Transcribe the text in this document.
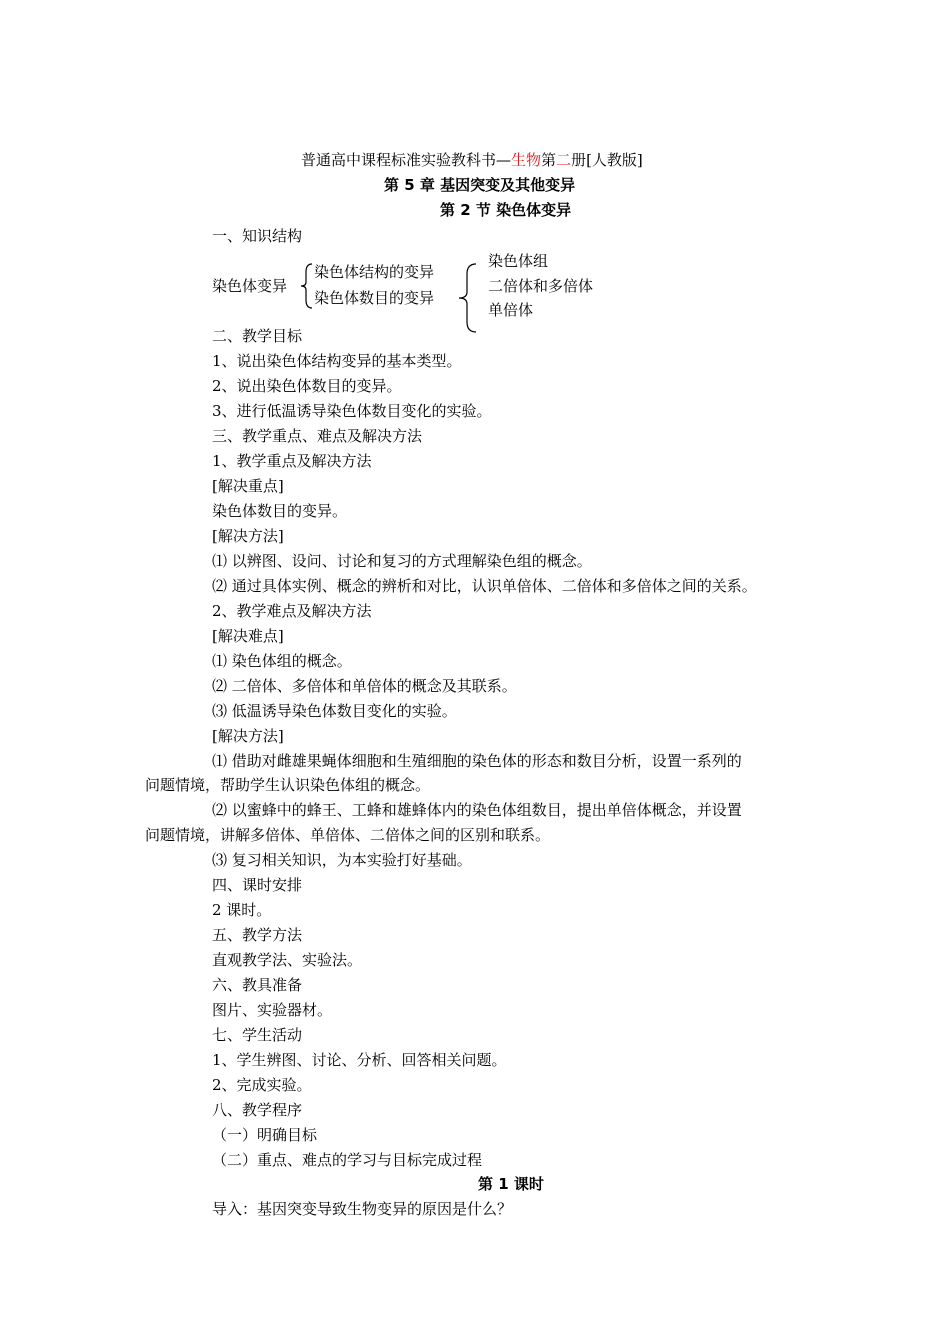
普通高中课程标准实验教科书—生物第二册[人教版]
第 5 章 基因突变及其他变异
第 2 节 染色体变异
一、知识结构
染色体变异
染色体结构的变异
染色体数目的变异
染色体组
二倍体和多倍体
单倍体
二、教学目标
1、说出染色体结构变异的基本类型。
2、说出染色体数目的变异。
3、进行低温诱导染色体数目变化的实验。
三、教学重点、难点及解决方法
1、教学重点及解决方法
[解决重点]
染色体数目的变异。
[解决方法]
⑴ 以辨图、设问、讨论和复习的方式理解染色组的概念。
⑵ 通过具体实例、概念的辨析和对比，认识单倍体、二倍体和多倍体之间的关系。
2、教学难点及解决方法
[解决难点]
⑴ 染色体组的概念。
⑵ 二倍体、多倍体和单倍体的概念及其联系。
⑶ 低温诱导染色体数目变化的实验。
[解决方法]
⑴ 借助对雌雄果蝇体细胞和生殖细胞的染色体的形态和数目分析，设置一系列的
问题情境，帮助学生认识染色体组的概念。
⑵ 以蜜蜂中的蜂王、工蜂和雄蜂体内的染色体组数目，提出单倍体概念，并设置
问题情境，讲解多倍体、单倍体、二倍体之间的区别和联系。
⑶ 复习相关知识，为本实验打好基础。
四、课时安排
2 课时。
五、教学方法
直观教学法、实验法。
六、教具准备
图片、实验器材。
七、学生活动
1、学生辨图、讨论、分析、回答相关问题。
2、完成实验。
八、教学程序
（一）明确目标
（二）重点、难点的学习与目标完成过程
第 1 课时
导入：基因突变导致生物变异的原因是什么？
